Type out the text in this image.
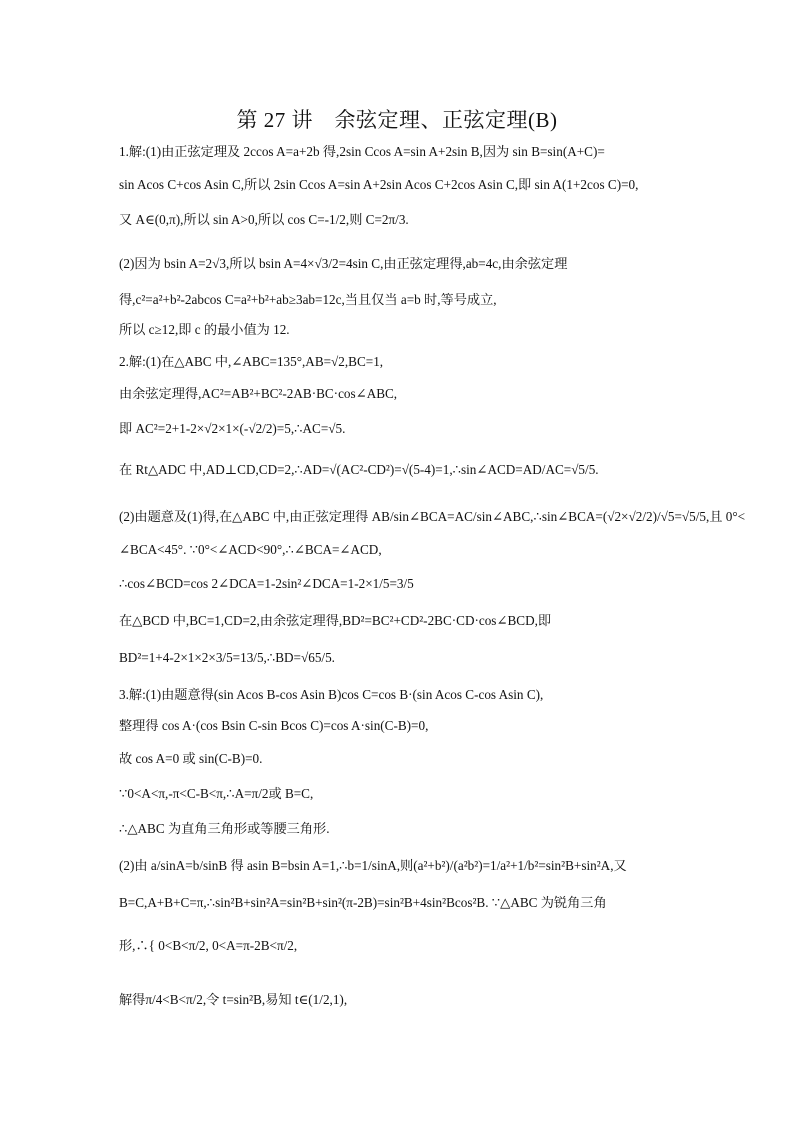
第 27 讲　余弦定理、正弦定理(B)
1.解:(1)由正弦定理及 2ccos A=a+2b 得,2sin Ccos A=sin A+2sin B,因为 sin B=sin(A+C)=
sin Acos C+cos Asin C,所以 2sin Ccos A=sin A+2sin Acos C+2cos Asin C,即 sin A(1+2cos C)=0,
又 A∈(0,π),所以 sin A>0,所以 cos C=-1/2,则 C=2π/3.
(2)因为 bsin A=2√3,所以 bsin A=4×√3/2=4sin C,由正弦定理得,ab=4c,由余弦定理
得,c²=a²+b²-2abcos C=a²+b²+ab≥3ab=12c,当且仅当 a=b 时,等号成立,
所以 c≥12,即 c 的最小值为 12.
2.解:(1)在△ABC 中,∠ABC=135°,AB=√2,BC=1,
由余弦定理得,AC²=AB²+BC²-2AB·BC·cos∠ABC,
即 AC²=2+1-2×√2×1×(-√2/2)=5,∴AC=√5.
在 Rt△ADC 中,AD⊥CD,CD=2,∴AD=√(AC²-CD²)=√(5-4)=1,∴sin∠ACD=AD/AC=√5/5.
(2)由题意及(1)得,在△ABC 中,由正弦定理得 AB/sin∠BCA=AC/sin∠ABC,∴sin∠BCA=(√2×√2/2)/√5=√5/5,且 0°<
∠BCA<45°. ∵0°<∠ACD<90°,∴∠BCA=∠ACD,
∴cos∠BCD=cos 2∠DCA=1-2sin²∠DCA=1-2×1/5=3/5
在△BCD 中,BC=1,CD=2,由余弦定理得,BD²=BC²+CD²-2BC·CD·cos∠BCD,即
BD²=1+4-2×1×2×3/5=13/5,∴BD=√65/5.
3.解:(1)由题意得(sin Acos B-cos Asin B)cos C=cos B·(sin Acos C-cos Asin C),
整理得 cos A·(cos Bsin C-sin Bcos C)=cos A·sin(C-B)=0,
故 cos A=0 或 sin(C-B)=0.
∵0<A<π,-π<C-B<π,∴A=π/2或 B=C,
∴△ABC 为直角三角形或等腰三角形.
(2)由 a/sinA=b/sinB 得 asin B=bsin A=1,∴b=1/sinA,则(a²+b²)/(a²b²)=1/a²+1/b²=sin²B+sin²A,又
B=C,A+B+C=π,∴sin²B+sin²A=sin²B+sin²(π-2B)=sin²B+4sin²Bcos²B. ∵△ABC 为锐角三角
形,∴{ 0<B<π/2, 0<A=π-2B<π/2,
解得π/4<B<π/2,令 t=sin²B,易知 t∈(1/2,1),
